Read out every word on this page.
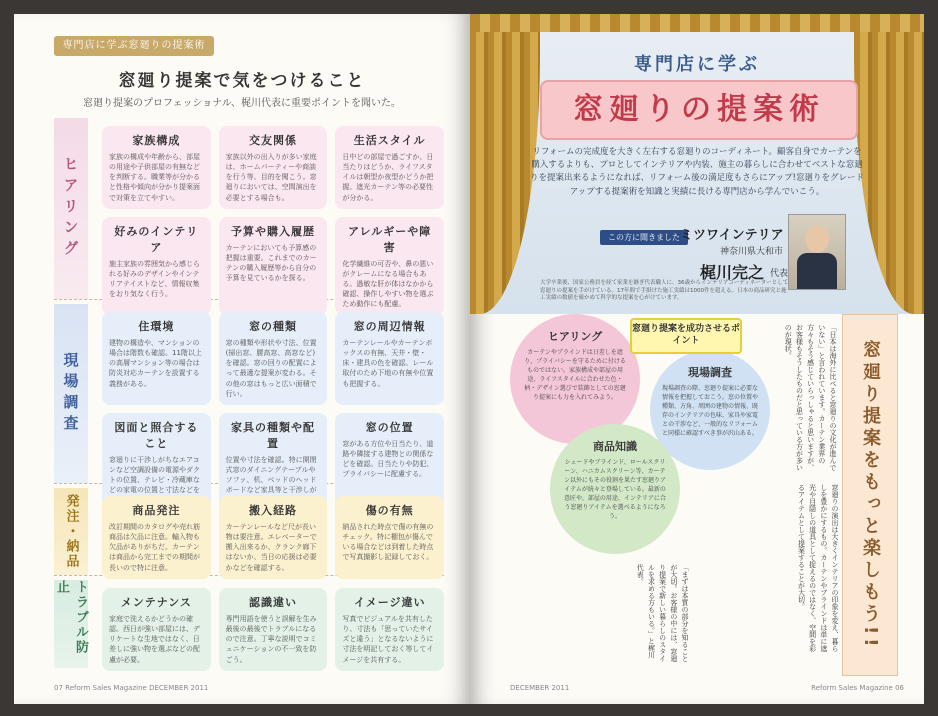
専門店に学ぶ窓廻りの提案術
窓廻り提案で気をつけること
窓廻り提案のプロフェッショナル、梶川代表に重要ポイントを聞いた。
ヒアリング
家族構成
家族の構成や年齢から、部屋の用途や子供部屋の有無などを判断する。職業等が分かると性格や傾向が分かり提案面で対策を立てやすい。
交友関係
家族以外の出入りが多い家庭は、ホームパーティーや商談を行う等、目的を聞こう。窓廻りにおいては、空間演出を必要とする場合も。
生活スタイル
日中どの部屋で過ごすか、日当たりはどうか、ライフスタイルは朝型か夜型かどうか把握。遮光カーテン等の必要性が分かる。
好みのインテリア
施主家族の雰囲気から感じられる好みのデザインやインテリアテイストなど、情報収集をおり気なく行う。
予算や購入履歴
カーテンにおいても予算感の把握は重要。これまでのカーテンの購入履歴等から自分の予算を見ているかを探る。
アレルギーや障害
化学繊維の可否や、鼻の悪いがクレームになる場合もある。過敏な肝が体はなかから確認、操作しやすい物を選ぶため動作にも配慮。
現場調査
住環境
建物の構造や、マンションの場合は階数も確認。11階以上の高層マンション等の場合は防炎対応カーテンを設置する義務がある。
窓の種類
窓の種類や形状や寸法、位置(掃出窓、腰高窓、高窓など)を確認。窓の回りの配置によって最適な提案が変わる。その他の窓はもっと広い面積で行い。
窓の周辺情報
カーテンレールやカーテンボックスの有無、天井・壁・床・建具の色を確認。レール取付のため下地の有無や位置も把握する。
図面と照合すること
窓廻りに干渉しがちなエアコンなど空調設備の電源やダクトの位置、テレビ・冷蔵庫などの家電の位置と寸法などを
家具の種類や配置
位置や寸法を確認。特に開閉式窓のダイニングテーブルやソファ、机、ベッドのヘッドボードなど家具等と干渉しが
窓の位置
窓がある方位や日当たり、道路や隣接する建物との関係などを確認。日当たりや防犯、プライバシーに配慮する。
発注・納品	商品発注
改訂期間のカタログや売れ筋商品は欠品に注意。輸入物も欠品がありがちだ。カーテンは商品から完工までの期間が長いので特に注意。
搬入経路
カーテンレールなど尺が長い物は要注意。エレベーターで搬入出来るか、クランク廊下はないか、当日の応援は必要かなどを確認する。
傷の有無
納品された時点で傷の有無のチェック。特に棚包が傷んでいる場合などは到着した時点で写真撮影し記録しておく。
トラブル防止
メンテナンス
家庭で洗えるかどうかの確認。西日が強い部屋には、デリケートな生地ではなく、日差しに強い物を選ぶなどの配慮が必要。
認識違い
専門用語を使うと誤解を生み最後の最後でトラブルになるので注意。丁寧な説明でコミュニケーションの不一致を防ごう。
イメージ違い
写真でビジュアルを共有したり、寸法も「思っていたサイズと違う」となるないように寸法を明記しておく等してイメージを共有する。
07 Reform Sales Magazine DECEMBER 2011
専門店に学ぶ
窓廻りの提案術
リフォームの完成度を大きく左右する窓廻りのコーディネート。顧客自身でカーテンを購入するよりも、プロとしてインテリアや内装、施主の暮らしに合わせてベストな窓廻りを提案出来るようになれば、リフォーム後の満足度もさらにアップ!窓廻りをグレードアップする提案術を知識と実績に長ける専門店から学んでいこう。
この方に聞きました ミツワインテリア
神奈川県大和市
梶川完之 代表
大学卒業後、国家公務員を経て家業を継ぎ代表職人に。36歳からインテリアコーディネーターとして窓廻りの提案を手がけている。17年間で手掛けた施工実績は1000件を超える。日本の商品研究と施工実績の数値を確かめて科学的な提案を心がけています。
ヒアリング
カーテンやブラインドは日差しを遮り、プライバシーを守るために付けるものではない。家族構成や部屋の用途、ライフスタイルに合わせた色・柄・デザイン選びで装飾としての窓廻り提案にも力を入れてみよう。
現場調査
現場調査の際、窓廻り提案に必要な情報を把握しておこう。窓の位置や種類、方角、周囲の建物の情報、既存のインテリアの色味、家具や家電との干渉など、一般的なリフォームと同様に確認すべき事が沢山ある。
商品知識
シェードやブラインド、ロールスクリーン、ハニカムスクリーン等、カーテン以外にもその役割を果たす窓廻りアイテムが続々と登場している。最新の意匠や、部屋の用途、インテリアに合う窓廻りアイテムを選べるようになろう。
窓廻り提案を成功させるポイント	「日本は海外に比べると窓廻りの文化が進んでいない」と言われています。カーテン業界の方々もそう感じていらっしゃると思いますが、お客様もそうしたものだと思っている方が多いのが現状。
窓廻りの演出は大きくインテリアの印象を変え、暮らしを豊かにするもの。カーテンやブラインドは単に遮光や目隠しの道具として捉えるのではなく、空間を彩るアイテムとして提案することが大切。
「まずは本質の部分を知ることが大切。お客様の中には、窓廻り提案で新しい暮らしのスタイルを求める方もいる。」と梶川代表。	窓廻り提案をもっと楽しもう!!
DECEMBER 2011	Reform Sales Magazine 06
